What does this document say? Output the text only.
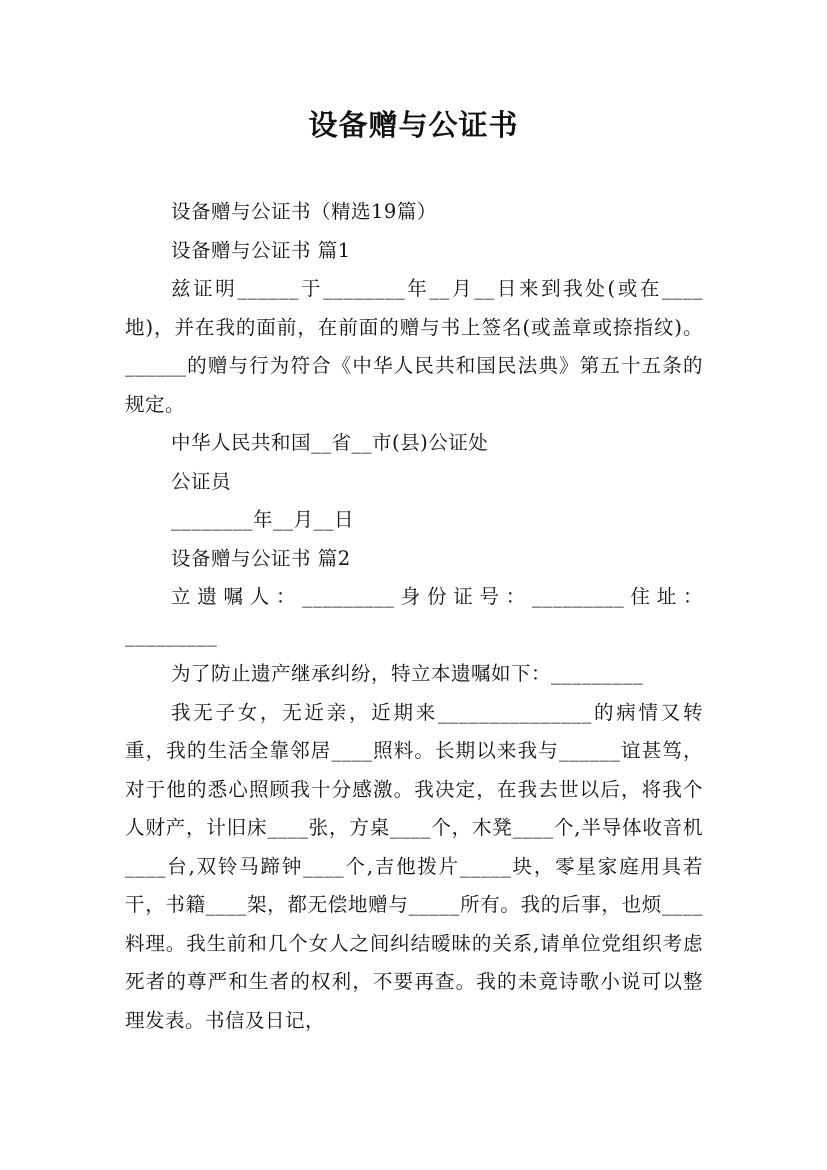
设备赠与公证书

设备赠与公证书（精选19篇）

设备赠与公证书 篇1

兹证明______于________年__月__日来到我处(或在____地)，并在我的面前，在前面的赠与书上签名(或盖章或捺指纹)。______的赠与行为符合《中华人民共和国民法典》第五十五条的规定。

中华人民共和国__省__市(县)公证处

公证员

________年__月__日

设备赠与公证书 篇2

立遗嘱人：_________身份证号：_________住址：_________

为了防止遗产继承纠纷，特立本遗嘱如下：_________

我无子女，无近亲，近期来_______________的病情又转重，我的生活全靠邻居____照料。长期以来我与______谊甚笃，对于他的悉心照顾我十分感激。我决定，在我去世以后，将我个人财产，计旧床____张，方桌____个，木凳____个,半导体收音机____台,双铃马蹄钟____个,吉他拨片_____块，零星家庭用具若干，书籍____架，都无偿地赠与_____所有。我的后事，也烦____料理。我生前和几个女人之间纠结暧昧的关系,请单位党组织考虑死者的尊严和生者的权利，不要再查。我的未竟诗歌小说可以整理发表。书信及日记，
